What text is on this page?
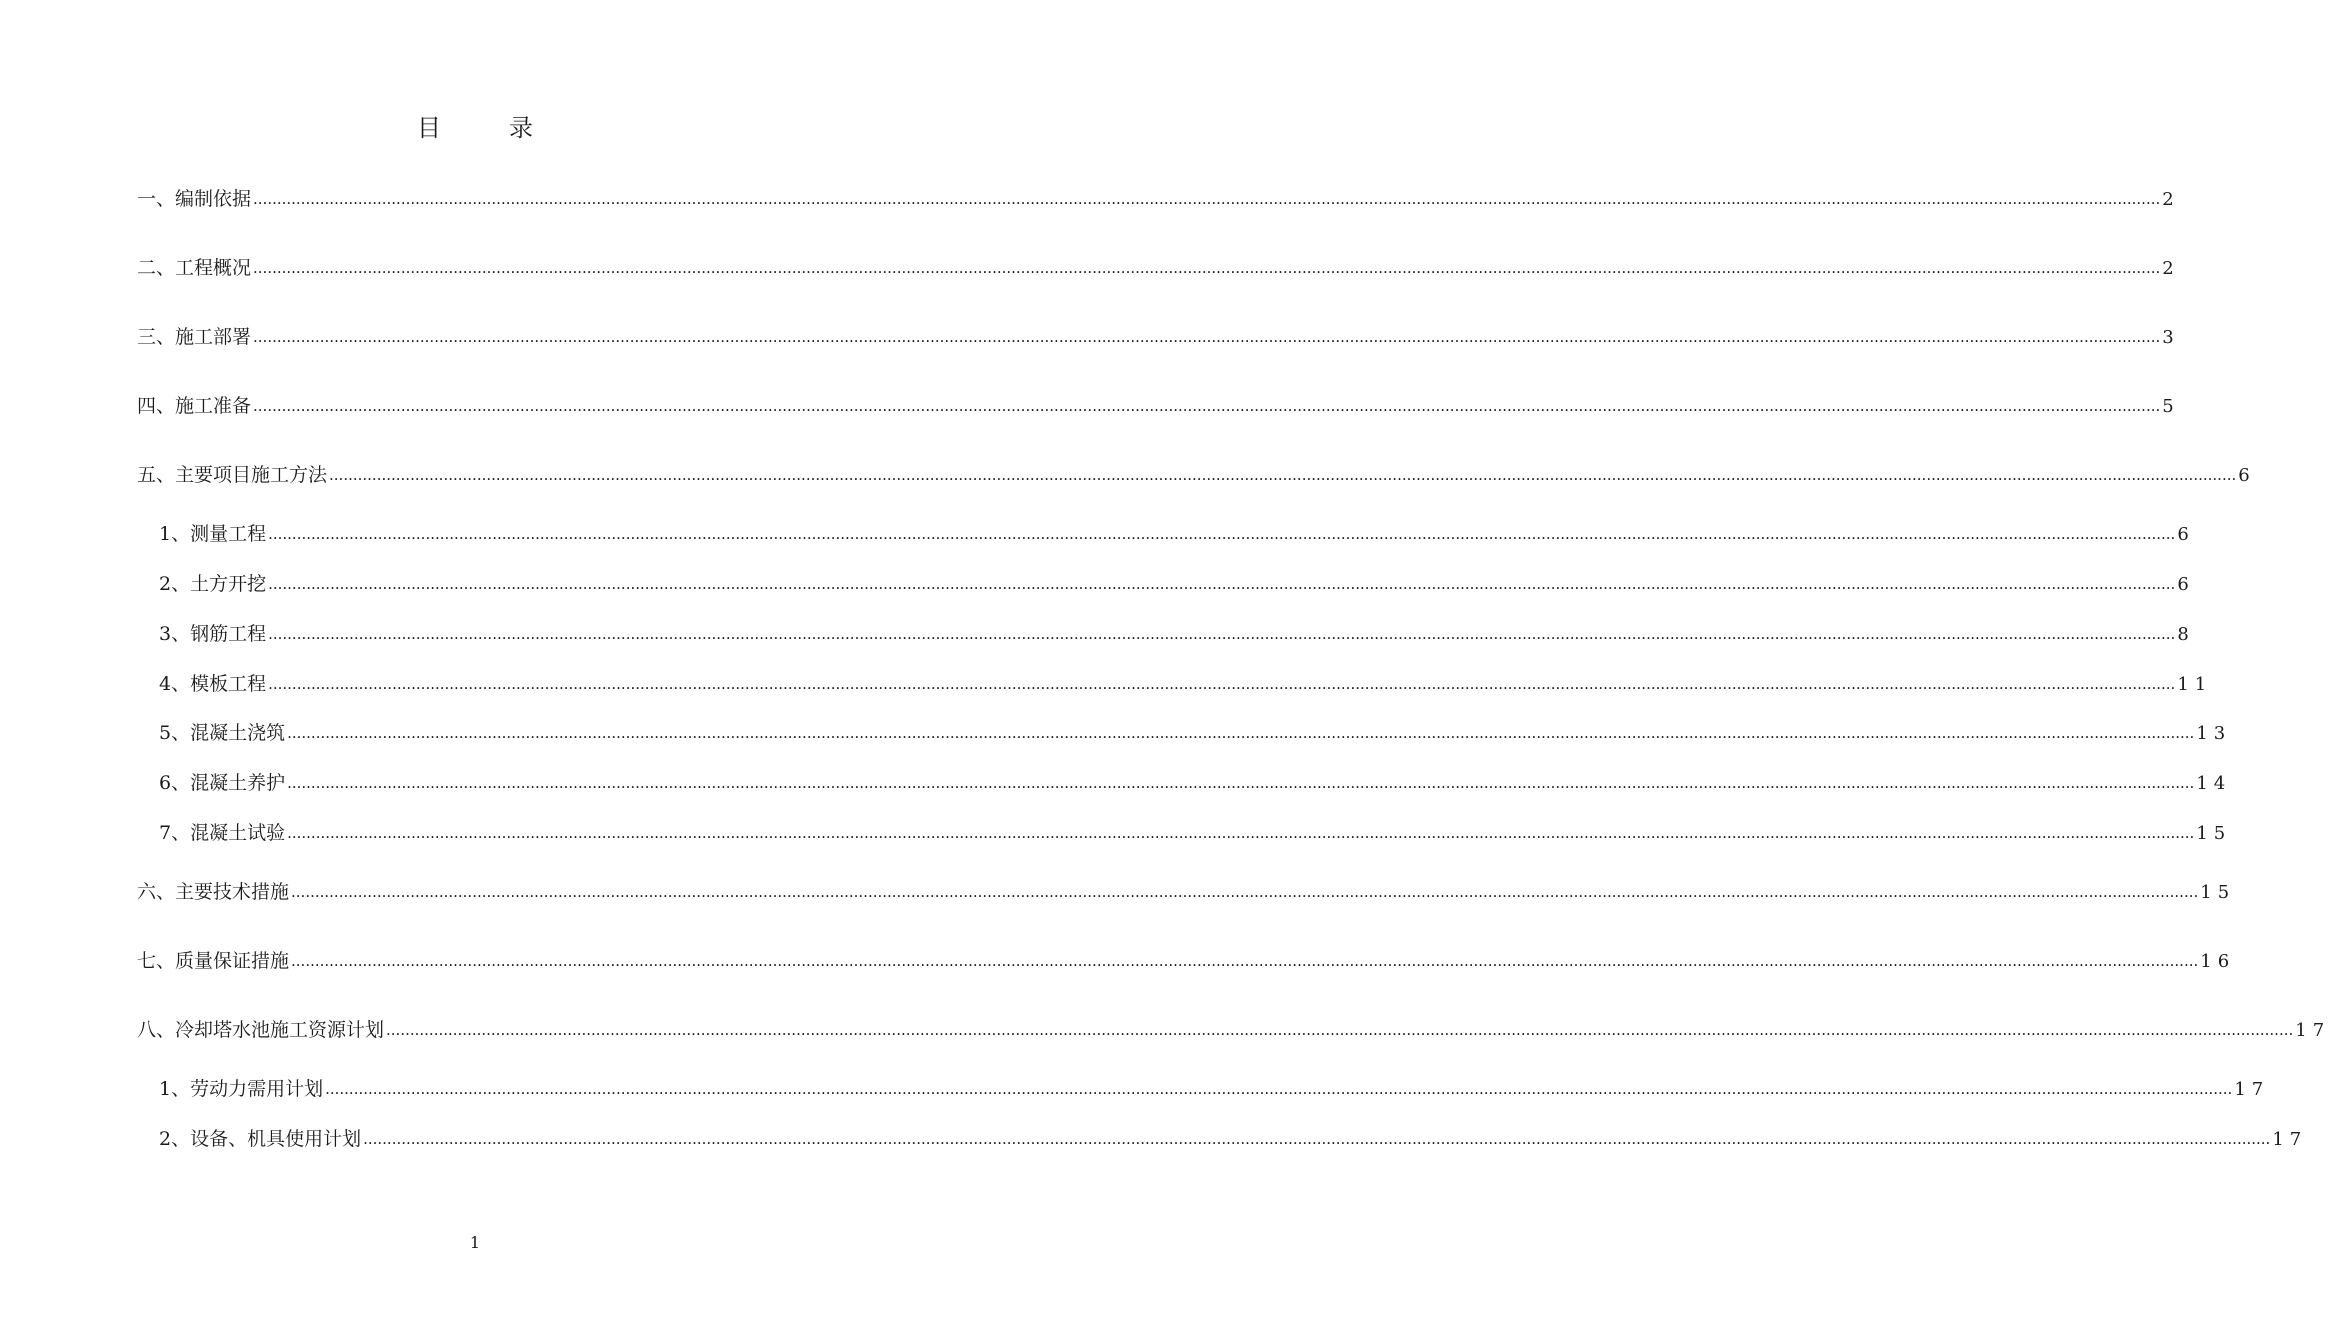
目录
一、编制依据 ................................................................................................................................................................................................................................................................................................................................................................................................................ 2
二、工程概况 ................................................................................................................................................................................................................................................................................................................................................................................................................ 2
三、施工部署 ................................................................................................................................................................................................................................................................................................................................................................................................................ 3
四、施工准备 ................................................................................................................................................................................................................................................................................................................................................................................................................ 5
五、主要项目施工方法 ................................................................................................................................................................................................................................................................................................................................................................................................................ 6
1、测量工程 ................................................................................................................................................................................................................................................................................................................................................................................................................ 6
2、土方开挖 ................................................................................................................................................................................................................................................................................................................................................................................................................ 6
3、钢筋工程 ................................................................................................................................................................................................................................................................................................................................................................................................................ 8
4、模板工程 ................................................................................................................................................................................................................................................................................................................................................................................................................ 11
5、混凝土浇筑 ................................................................................................................................................................................................................................................................................................................................................................................................................ 13
6、混凝土养护 ................................................................................................................................................................................................................................................................................................................................................................................................................ 14
7、混凝土试验 ................................................................................................................................................................................................................................................................................................................................................................................................................ 15
六、主要技术措施 ................................................................................................................................................................................................................................................................................................................................................................................................................ 15
七、质量保证措施 ................................................................................................................................................................................................................................................................................................................................................................................................................ 16
八、冷却塔水池施工资源计划 ................................................................................................................................................................................................................................................................................................................................................................................................................ 17
1、劳动力需用计划 ................................................................................................................................................................................................................................................................................................................................................................................................................ 17
2、设备、机具使用计划 ................................................................................................................................................................................................................................................................................................................................................................................................................ 17
1
